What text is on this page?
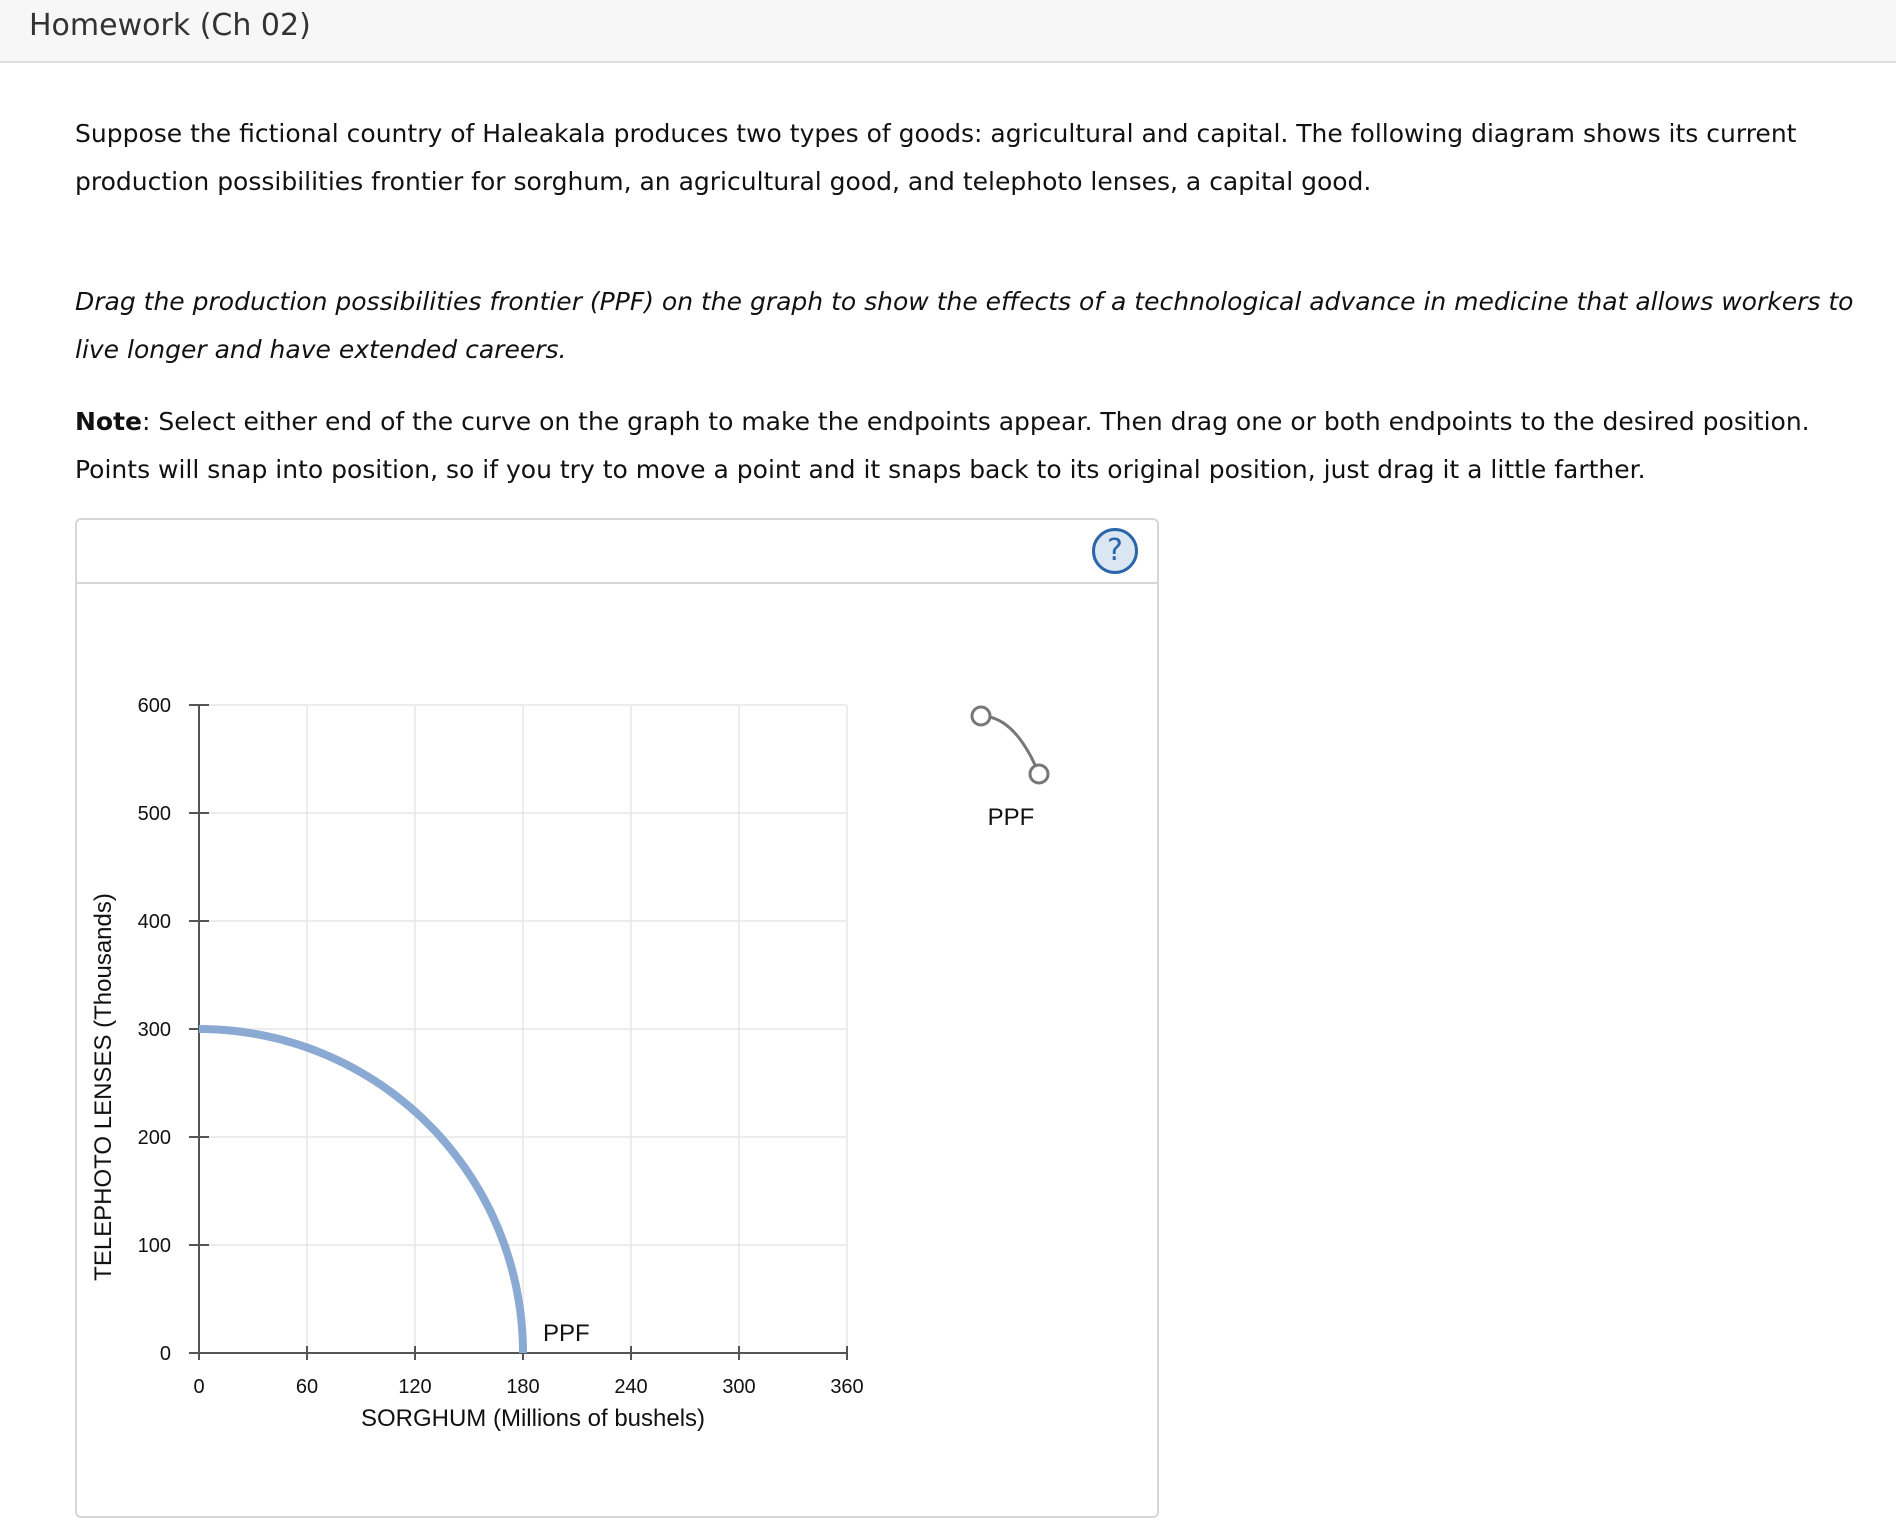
Homework (Ch 02)

Suppose the fictional country of Haleakala produces two types of goods: agricultural and capital. The following diagram shows its current production possibilities frontier for sorghum, an agricultural good, and telephoto lenses, a capital good.

Drag the production possibilities frontier (PPF) on the graph to show the effects of a technological advance in medicine that allows workers to live longer and have extended careers.

Note: Select either end of the curve on the graph to make the endpoints appear. Then drag one or both endpoints to the desired position. Points will snap into position, so if you try to move a point and it snaps back to its original position, just drag it a little farther.

?
0	60	120	180	240	300	360
0
100
200
300
400
500
600
SORGHUM (Millions of bushels)
TELEPHOTO LENSES (Thousands)
PPF
PPF
